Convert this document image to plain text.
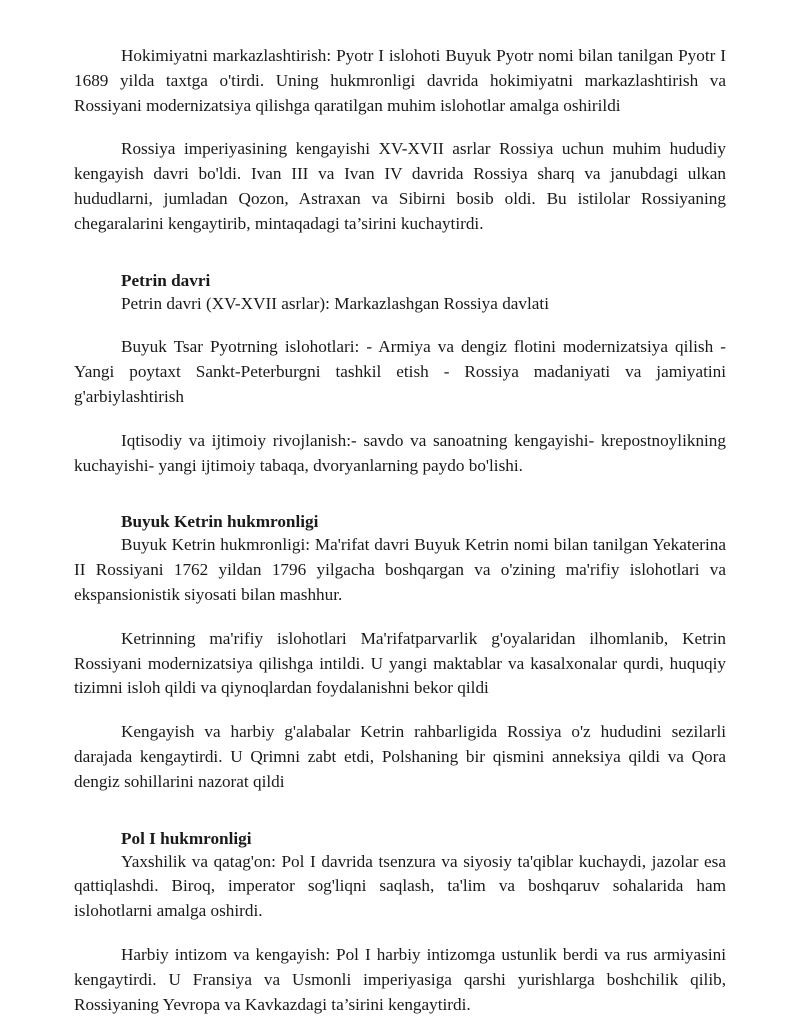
Hokimiyatni markazlashtirish: Pyotr I islohoti Buyuk Pyotr nomi bilan tanilgan Pyotr I 1689 yilda taxtga o'tirdi. Uning hukmronligi davrida hokimiyatni markazlashtirish va Rossiyani modernizatsiya qilishga qaratilgan muhim islohotlar amalga oshirildi

Rossiya imperiyasining kengayishi XV-XVII asrlar Rossiya uchun muhim hududiy kengayish davri bo'ldi. Ivan III va Ivan IV davrida Rossiya sharq va janubdagi ulkan hududlarni, jumladan Qozon, Astraxan va Sibirni bosib oldi. Bu istilolar Rossiyaning chegaralarini kengaytirib, mintaqadagi ta’sirini kuchaytirdi.

Petrin davri

Petrin davri (XV-XVII asrlar): Markazlashgan Rossiya davlati

Buyuk Tsar Pyotrning islohotlari: - Armiya va dengiz flotini modernizatsiya qilish - Yangi poytaxt Sankt-Peterburgni tashkil etish - Rossiya madaniyati va jamiyatini g'arbiylashtirish

Iqtisodiy va ijtimoiy rivojlanish:- savdo va sanoatning kengayishi- krepostnoylikning kuchayishi- yangi ijtimoiy tabaqa, dvoryanlarning paydo bo'lishi.

Buyuk Ketrin hukmronligi

Buyuk Ketrin hukmronligi: Ma'rifat davri Buyuk Ketrin nomi bilan tanilgan Yekaterina II Rossiyani 1762 yildan 1796 yilgacha boshqargan va o'zining ma'rifiy islohotlari va ekspansionistik siyosati bilan mashhur.

Ketrinning ma'rifiy islohotlari Ma'rifatparvarlik g'oyalaridan ilhomlanib, Ketrin Rossiyani modernizatsiya qilishga intildi. U yangi maktablar va kasalxonalar qurdi, huquqiy tizimni isloh qildi va qiynoqlardan foydalanishni bekor qildi

Kengayish va harbiy g'alabalar Ketrin rahbarligida Rossiya o'z hududini sezilarli darajada kengaytirdi. U Qrimni zabt etdi, Polshaning bir qismini anneksiya qildi va Qora dengiz sohillarini nazorat qildi

Pol I hukmronligi

Yaxshilik va qatag'on: Pol I davrida tsenzura va siyosiy ta'qiblar kuchaydi, jazolar esa qattiqlashdi. Biroq, imperator sog'liqni saqlash, ta'lim va boshqaruv sohalarida ham islohotlarni amalga oshirdi.

Harbiy intizom va kengayish: Pol I harbiy intizomga ustunlik berdi va rus armiyasini kengaytirdi. U Fransiya va Usmonli imperiyasiga qarshi yurishlarga boshchilik qilib, Rossiyaning Yevropa va Kavkazdagi ta’sirini kengaytirdi.
